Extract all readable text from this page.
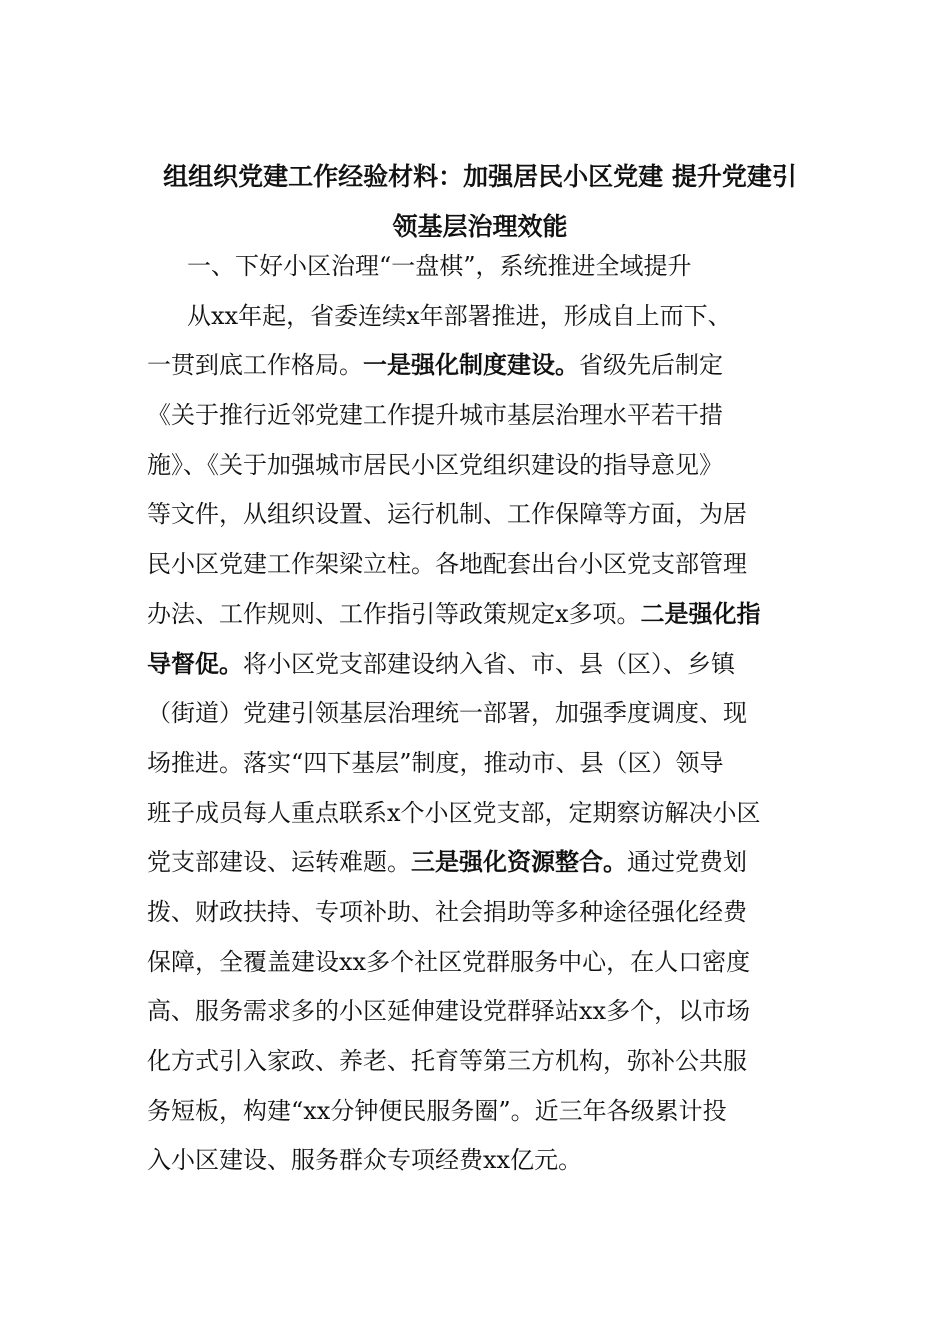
组组织党建工作经验材料：加强居民小区党建 提升党建引
领基层治理效能
一、下好小区治理“一盘棋”，系统推进全域提升
从xx年起，省委连续x年部署推进，形成自上而下、
一贯到底工作格局。一是强化制度建设。省级先后制定
《关于推行近邻党建工作提升城市基层治理水平若干措
施》、《关于加强城市居民小区党组织建设的指导意见》
等文件，从组织设置、运行机制、工作保障等方面，为居
民小区党建工作架梁立柱。各地配套出台小区党支部管理
办法、工作规则、工作指引等政策规定x多项。二是强化指
导督促。将小区党支部建设纳入省、市、县（区）、乡镇
（街道）党建引领基层治理统一部署，加强季度调度、现
场推进。落实“四下基层”制度，推动市、县（区）领导
班子成员每人重点联系x个小区党支部，定期察访解决小区
党支部建设、运转难题。三是强化资源整合。通过党费划
拨、财政扶持、专项补助、社会捐助等多种途径强化经费
保障，全覆盖建设xx多个社区党群服务中心，在人口密度
高、服务需求多的小区延伸建设党群驿站xx多个，以市场
化方式引入家政、养老、托育等第三方机构，弥补公共服
务短板，构建“xx分钟便民服务圈”。近三年各级累计投
入小区建设、服务群众专项经费xx亿元。
